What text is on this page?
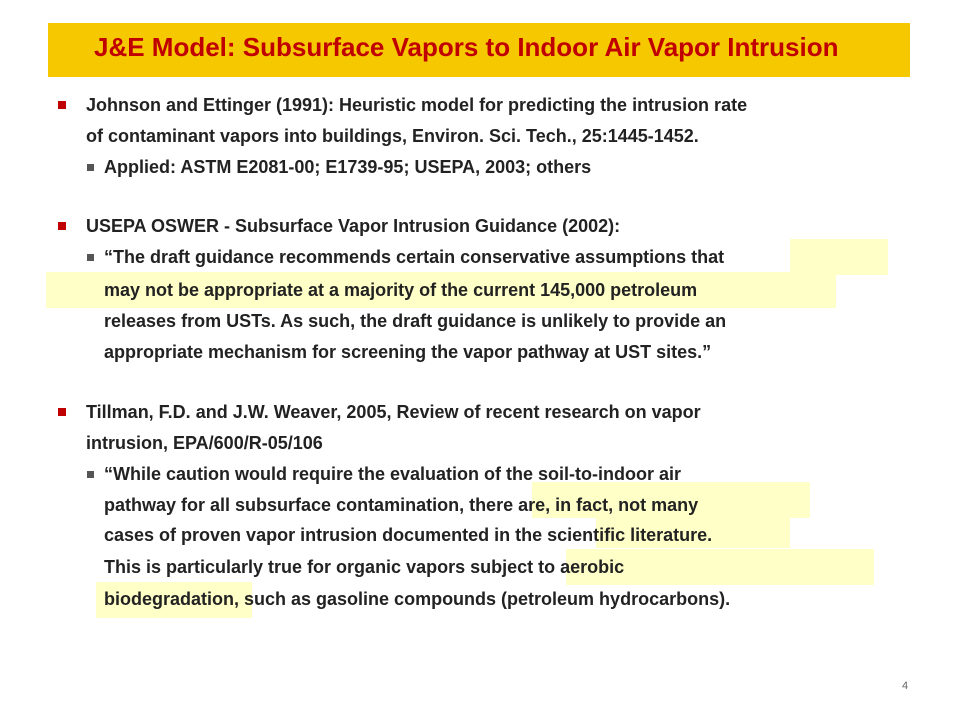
J&E Model: Subsurface Vapors to Indoor Air Vapor Intrusion
Johnson and Ettinger (1991): Heuristic model for predicting the intrusion rate
of contaminant vapors into buildings, Environ. Sci. Tech., 25:1445-1452.
Applied: ASTM E2081-00; E1739-95; USEPA, 2003; others
USEPA OSWER - Subsurface Vapor Intrusion Guidance (2002):
“The draft guidance recommends certain conservative assumptions that
may not be appropriate at a majority of the current 145,000 petroleum
releases from USTs. As such, the draft guidance is unlikely to provide an
appropriate mechanism for screening the vapor pathway at UST sites.”
Tillman, F.D. and J.W. Weaver, 2005, Review of recent research on vapor
intrusion, EPA/600/R-05/106
“While caution would require the evaluation of the soil-to-indoor air
pathway for all subsurface contamination, there are, in fact, not many
cases of proven vapor intrusion documented in the scientific literature.
This is particularly true for organic vapors subject to aerobic
biodegradation, such as gasoline compounds (petroleum hydrocarbons).
4
